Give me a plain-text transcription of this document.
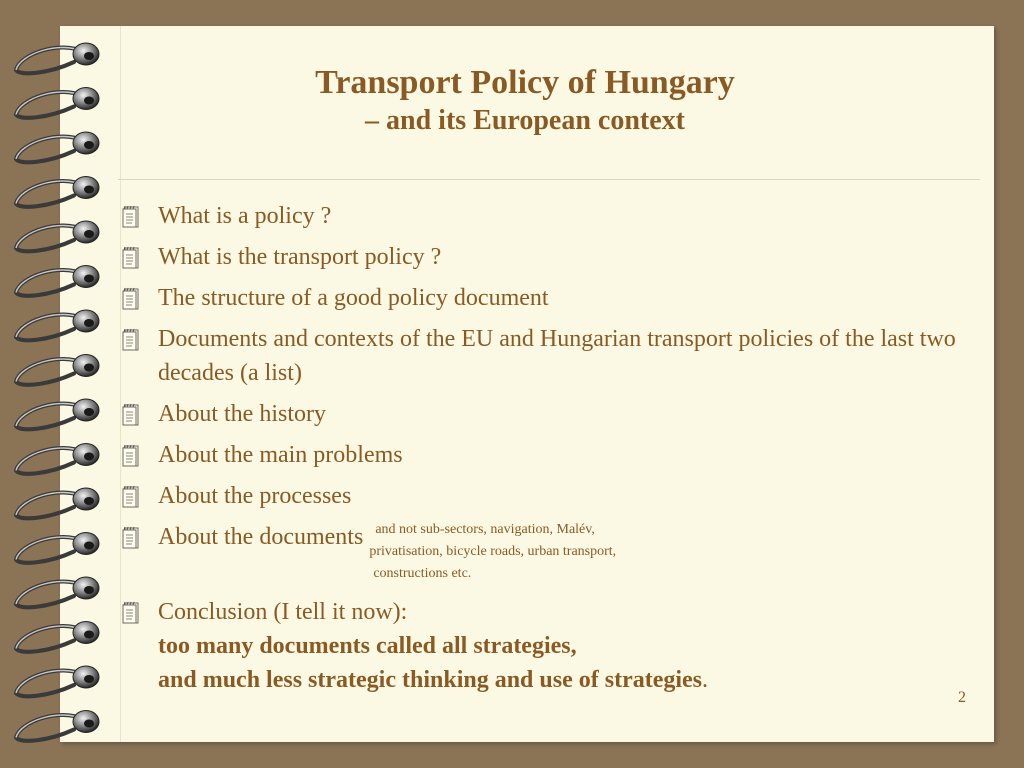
Transport Policy of Hungary

– and its European context

What is a policy ?
What is the transport policy ?
The structure of a good policy document
Documents and contexts of the EU and Hungarian transport policies of the last two decades (a list)
About the history
About the main problems
About the processes
About the documents and not sub-sectors, navigation, Malév,
privatisation, bicycle roads, urban transport,
constructions etc.
Conclusion (I tell it now):
too many documents called all strategies,
and much less strategic thinking and use of strategies.
2
